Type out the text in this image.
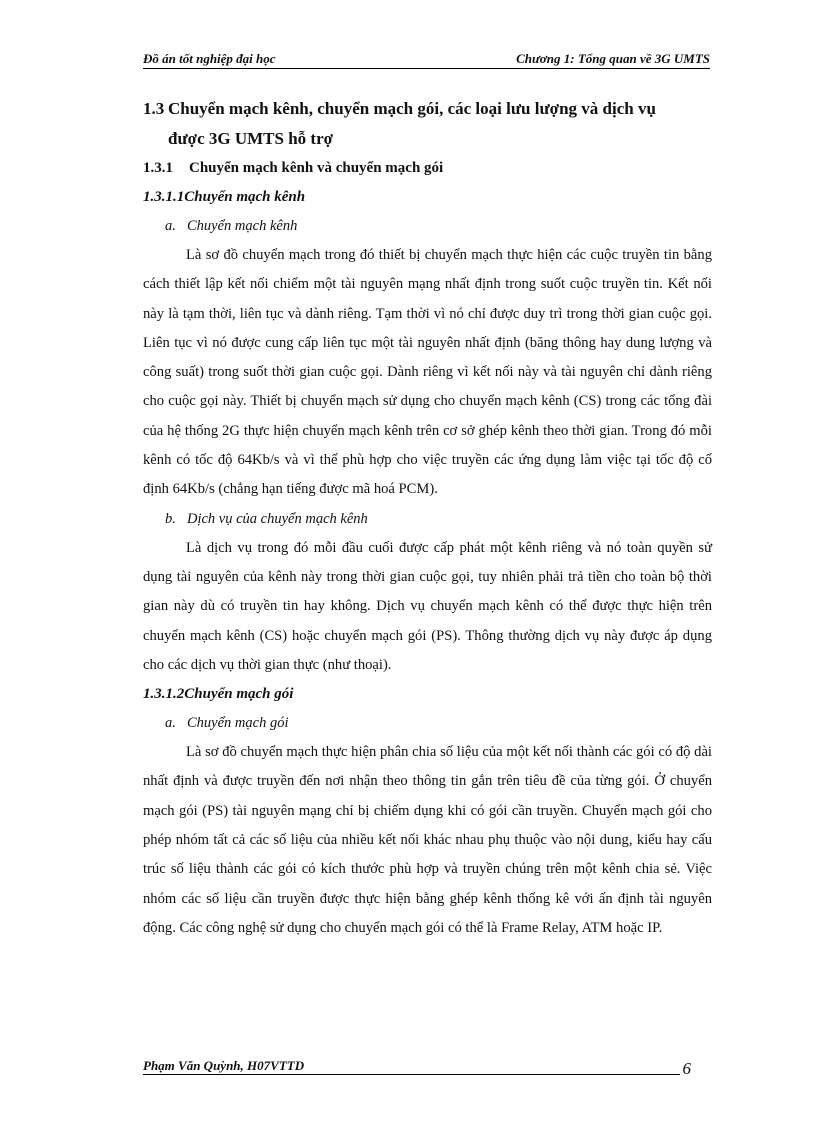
Đồ án tốt nghiệp đại học	Chương 1: Tổng quan về 3G UMTS
1.3 Chuyển mạch kênh, chuyển mạch gói, các loại lưu lượng và dịch vụ
được 3G UMTS hỗ trợ
1.3.1 Chuyển mạch kênh và chuyển mạch gói
1.3.1.1Chuyển mạch kênh
a. Chuyển mạch kênh

Là sơ đồ chuyển mạch trong đó thiết bị chuyển mạch thực hiện các cuộc truyền tin bằng cách thiết lập kết nối chiếm một tài nguyên mạng nhất định trong suốt cuộc truyền tin. Kết nối này là tạm thời, liên tục và dành riêng. Tạm thời vì nó chỉ được duy trì trong thời gian cuộc gọi. Liên tục vì nó được cung cấp liên tục một tài nguyên nhất định (băng thông hay dung lượng và công suất) trong suốt thời gian cuộc gọi. Dành riêng vì kết nối này và tài nguyên chỉ dành riêng cho cuộc gọi này. Thiết bị chuyển mạch sử dụng cho chuyển mạch kênh (CS) trong các tổng đài của hệ thống 2G thực hiện chuyển mạch kênh trên cơ sở ghép kênh theo thời gian. Trong đó mỗi kênh có tốc độ 64Kb/s và vì thế phù hợp cho việc truyền các ứng dụng làm việc tại tốc độ cố định 64Kb/s (chẳng hạn tiếng được mã hoá PCM).

b. Dịch vụ của chuyển mạch kênh

Là dịch vụ trong đó mỗi đầu cuối được cấp phát một kênh riêng và nó toàn quyền sử dụng tài nguyên của kênh này trong thời gian cuộc gọi, tuy nhiên phải trả tiền cho toàn bộ thời gian này dù có truyền tin hay không. Dịch vụ chuyển mạch kênh có thể được thực hiện trên chuyển mạch kênh (CS) hoặc chuyển mạch gói (PS). Thông thường dịch vụ này được áp dụng cho các dịch vụ thời gian thực (như thoại).

1.3.1.2Chuyển mạch gói
a. Chuyển mạch gói

Là sơ đồ chuyển mạch thực hiện phân chia số liệu của một kết nối thành các gói có độ dài nhất định và được truyền đến nơi nhận theo thông tin gắn trên tiêu đề của từng gói. Ở chuyển mạch gói (PS) tài nguyên mạng chỉ bị chiếm dụng khi có gói cần truyền. Chuyển mạch gói cho phép nhóm tất cả các số liệu của nhiều kết nối khác nhau phụ thuộc vào nội dung, kiểu hay cấu trúc số liệu thành các gói có kích thước phù hợp và truyền chúng trên một kênh chia sẻ. Việc nhóm các số liệu cần truyền được thực hiện bằng ghép kênh thống kê với ấn định tài nguyên động. Các công nghệ sử dụng cho chuyển mạch gói có thể là Frame Relay, ATM hoặc IP.

Phạm Văn Quỳnh, H07VTTD	6
